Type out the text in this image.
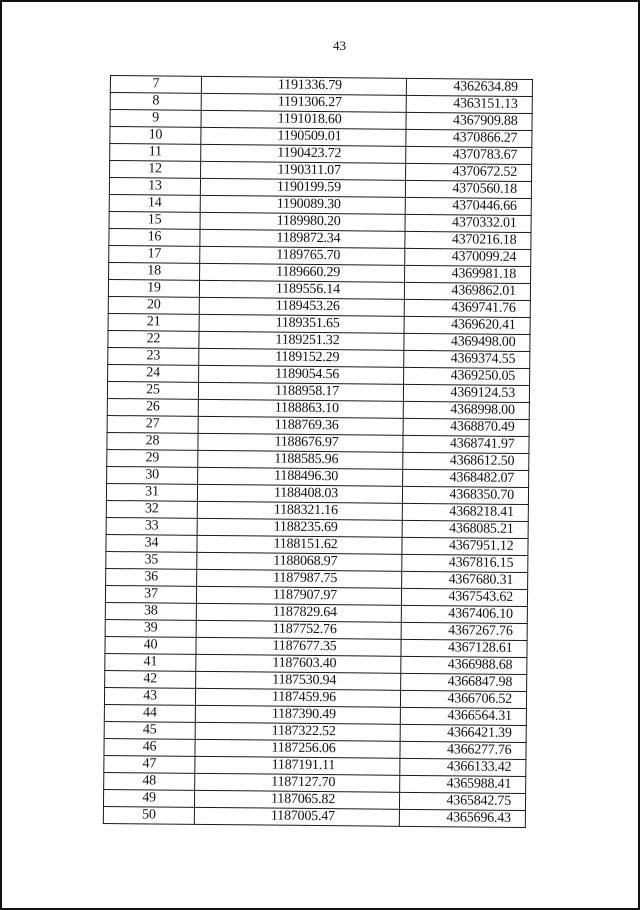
43
7	1191336.79	4362634.89
8	1191306.27	4363151.13
9	1191018.60	4367909.88
10	1190509.01	4370866.27
11	1190423.72	4370783.67
12	1190311.07	4370672.52
13	1190199.59	4370560.18
14	1190089.30	4370446.66
15	1189980.20	4370332.01
16	1189872.34	4370216.18
17	1189765.70	4370099.24
18	1189660.29	4369981.18
19	1189556.14	4369862.01
20	1189453.26	4369741.76
21	1189351.65	4369620.41
22	1189251.32	4369498.00
23	1189152.29	4369374.55
24	1189054.56	4369250.05
25	1188958.17	4369124.53
26	1188863.10	4368998.00
27	1188769.36	4368870.49
28	1188676.97	4368741.97
29	1188585.96	4368612.50
30	1188496.30	4368482.07
31	1188408.03	4368350.70
32	1188321.16	4368218.41
33	1188235.69	4368085.21
34	1188151.62	4367951.12
35	1188068.97	4367816.15
36	1187987.75	4367680.31
37	1187907.97	4367543.62
38	1187829.64	4367406.10
39	1187752.76	4367267.76
40	1187677.35	4367128.61
41	1187603.40	4366988.68
42	1187530.94	4366847.98
43	1187459.96	4366706.52
44	1187390.49	4366564.31
45	1187322.52	4366421.39
46	1187256.06	4366277.76
47	1187191.11	4366133.42
48	1187127.70	4365988.41
49	1187065.82	4365842.75
50	1187005.47	4365696.43
